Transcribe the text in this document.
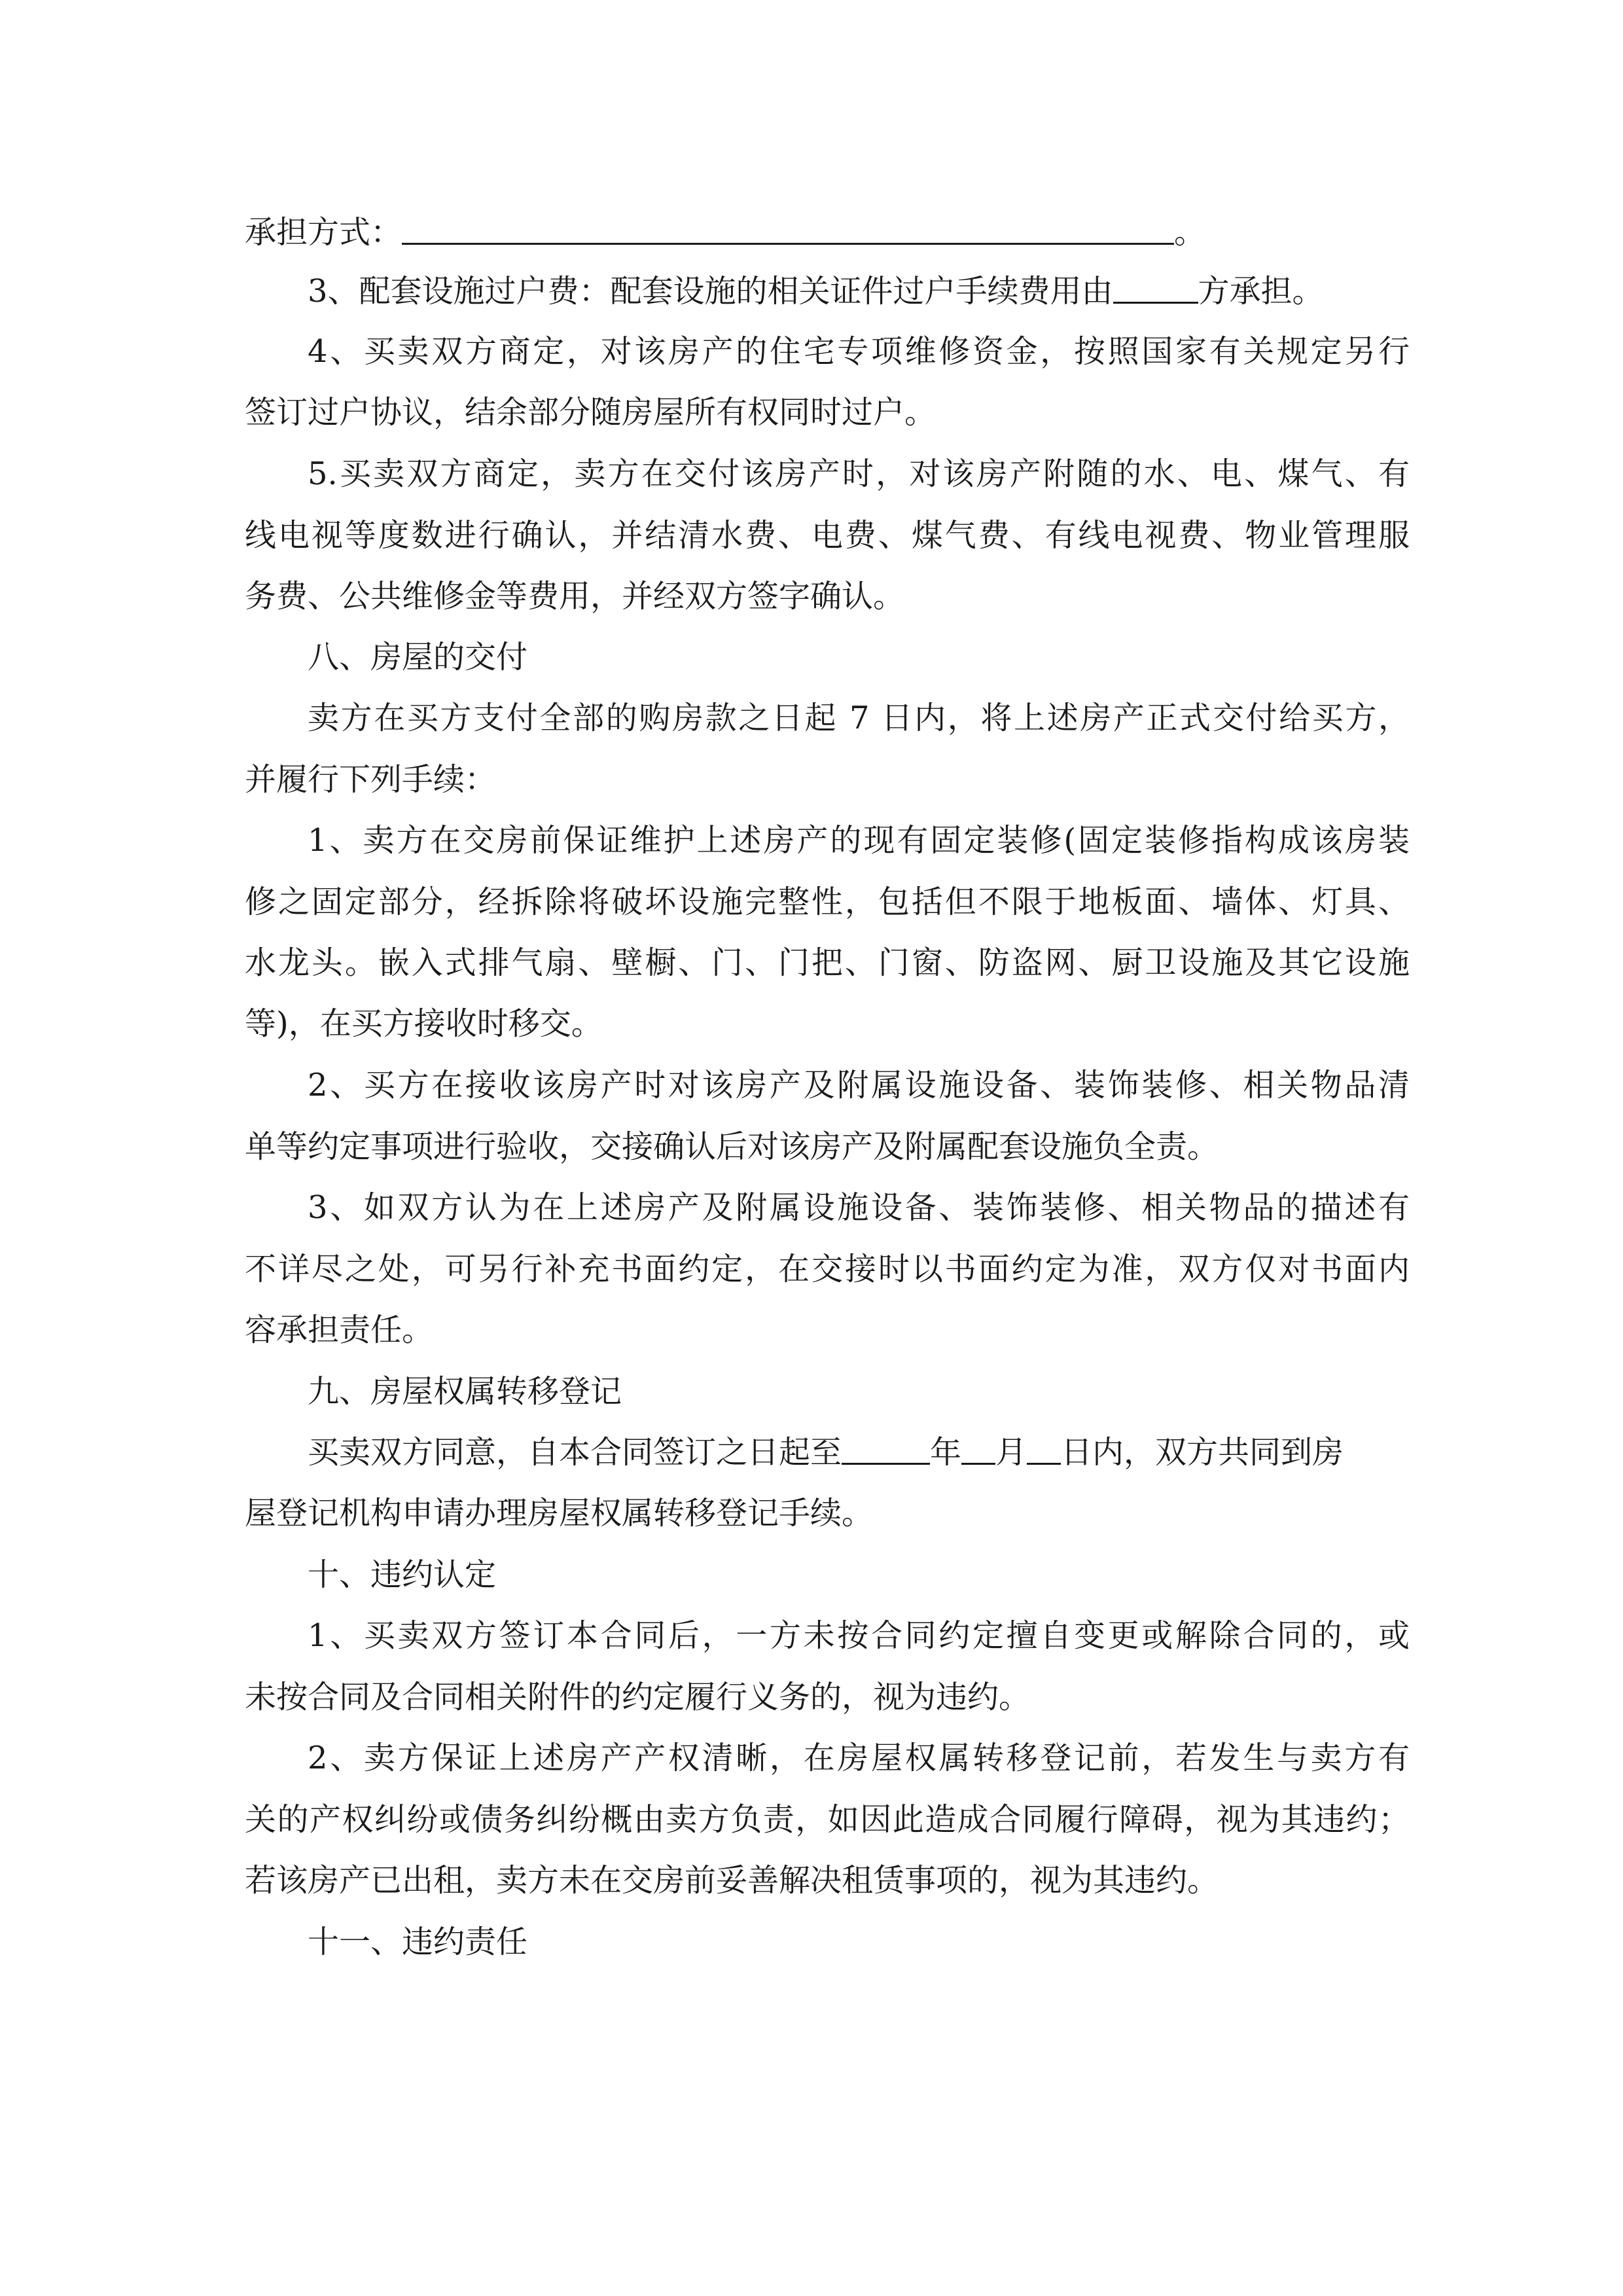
承担方式：	。
3、配套设施过户费：配套设施的相关证件过户手续费用由	方承担。
4、买卖双方商定，对该房产的住宅专项维修资金，按照国家有关规定另行
签订过户协议，结余部分随房屋所有权同时过户。
5.买卖双方商定，卖方在交付该房产时，对该房产附随的水、电、煤气、有
线电视等度数进行确认，并结清水费、电费、煤气费、有线电视费、物业管理服
务费、公共维修金等费用，并经双方签字确认。
八、房屋的交付
卖方在买方支付全部的购房款之日起 7 日内，将上述房产正式交付给买方，
并履行下列手续：
1、卖方在交房前保证维护上述房产的现有固定装修(固定装修指构成该房装
修之固定部分，经拆除将破坏设施完整性，包括但不限于地板面、墙体、灯具、
水龙头。嵌入式排气扇、壁橱、门、门把、门窗、防盗网、厨卫设施及其它设施
等)，在买方接收时移交。
2、买方在接收该房产时对该房产及附属设施设备、装饰装修、相关物品清
单等约定事项进行验收，交接确认后对该房产及附属配套设施负全责。
3、如双方认为在上述房产及附属设施设备、装饰装修、相关物品的描述有
不详尽之处，可另行补充书面约定，在交接时以书面约定为准，双方仅对书面内
容承担责任。
九、房屋权属转移登记
买卖双方同意，自本合同签订之日起至	年 月 日内，双方共同到房
屋登记机构申请办理房屋权属转移登记手续。
十、违约认定
1、买卖双方签订本合同后，一方未按合同约定擅自变更或解除合同的，或
未按合同及合同相关附件的约定履行义务的，视为违约。
2、卖方保证上述房产产权清晰，在房屋权属转移登记前，若发生与卖方有
关的产权纠纷或债务纠纷概由卖方负责，如因此造成合同履行障碍，视为其违约；
若该房产已出租，卖方未在交房前妥善解决租赁事项的，视为其违约。
十一、违约责任
